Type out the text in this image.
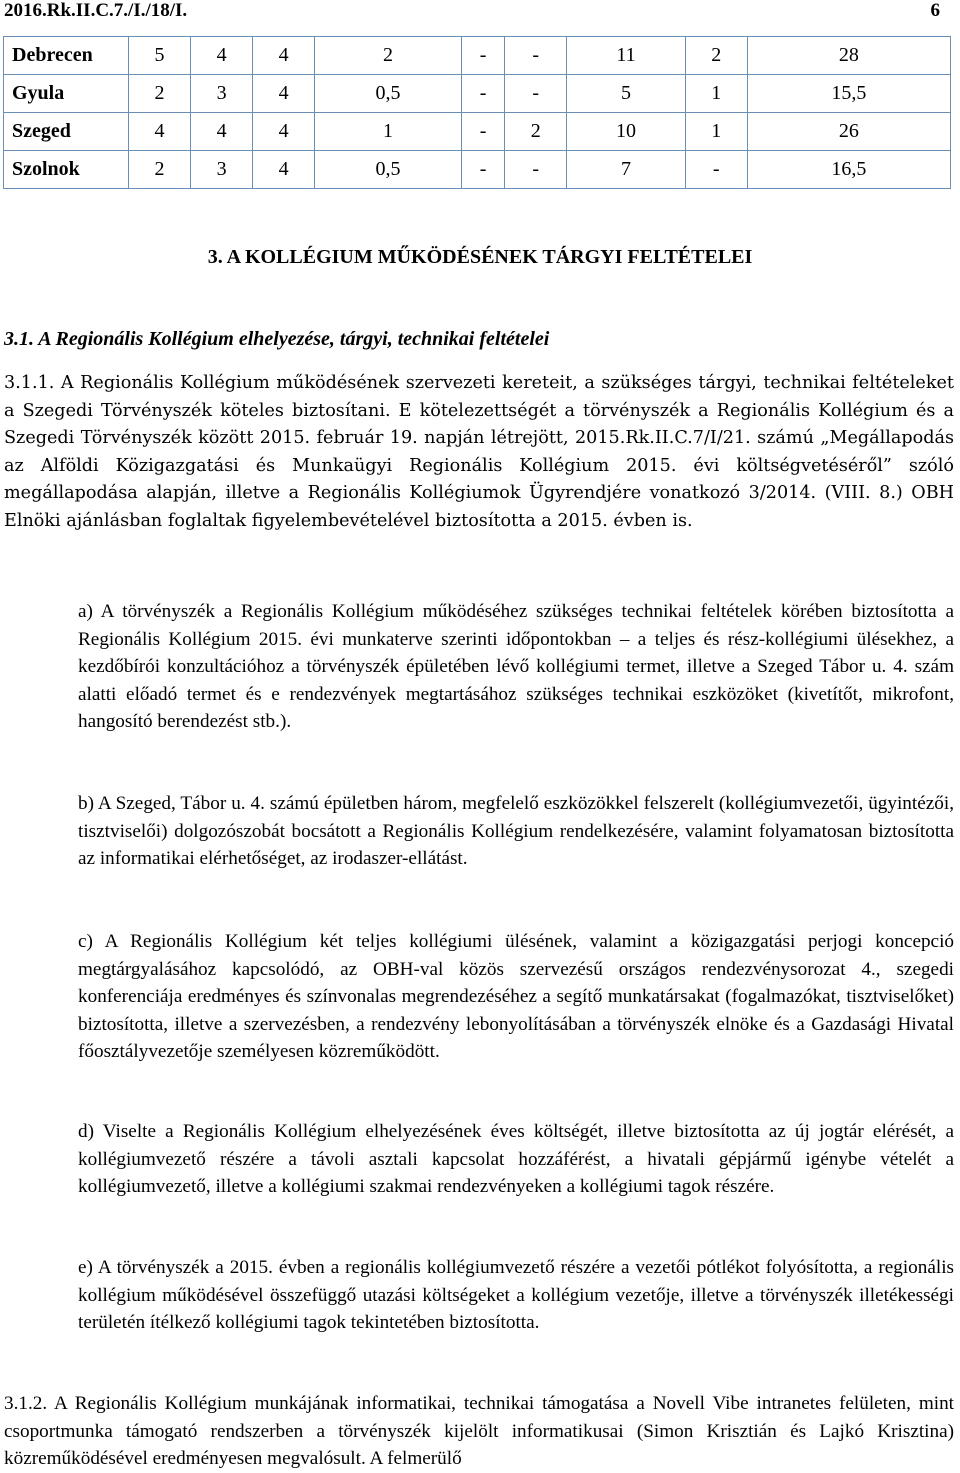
2016.Rk.II.C.7./I./18/I.	6
Debrecen	5	4	4	2	-	-	11	2	28
Gyula	2	3	4	0,5	-	-	5	1	15,5
Szeged	4	4	4	1	-	2	10	1	26
Szolnok	2	3	4	0,5	-	-	7	-	16,5
3. A KOLLÉGIUM MŰKÖDÉSÉNEK TÁRGYI FELTÉTELEI
3.1. A Regionális Kollégium elhelyezése, tárgyi, technikai feltételei

3.1.1. A Regionális Kollégium működésének szervezeti kereteit, a szükséges tárgyi, technikai feltételeket a Szegedi Törvényszék köteles biztosítani. E kötelezettségét a törvényszék a Regionális Kollégium és a Szegedi Törvényszék között 2015. február 19. napján létrejött, 2015.Rk.II.C.7/I/21. számú „Megállapodás az Alföldi Közigazgatási és Munkaügyi Regionális Kollégium 2015. évi költségvetéséről” szóló megállapodása alapján, illetve a Regionális Kollégiumok Ügyrendjére vonatkozó 3/2014. (VIII. 8.) OBH Elnöki ajánlásban foglaltak figyelembevételével biztosította a 2015. évben is.

a) A törvényszék a Regionális Kollégium működéséhez szükséges technikai feltételek körében biztosította a Regionális Kollégium 2015. évi munkaterve szerinti időpontokban – a teljes és rész-kollégiumi ülésekhez, a kezdőbírói konzultációhoz a törvényszék épületében lévő kollégiumi termet, illetve a Szeged Tábor u. 4. szám alatti előadó termet és e rendezvények megtartásához szükséges technikai eszközöket (kivetítőt, mikrofont, hangosító berendezést stb.).

b) A Szeged, Tábor u. 4. számú épületben három, megfelelő eszközökkel felszerelt (kollégiumvezetői, ügyintézői, tisztviselői) dolgozószobát bocsátott a Regionális Kollégium rendelkezésére, valamint folyamatosan biztosította az informatikai elérhetőséget, az irodaszer-ellátást.

c) A Regionális Kollégium két teljes kollégiumi ülésének, valamint a közigazgatási perjogi koncepció megtárgyalásához kapcsolódó, az OBH-val közös szervezésű országos rendezvénysorozat 4., szegedi konferenciája eredményes és színvonalas megrendezéséhez a segítő munkatársakat (fogalmazókat, tisztviselőket) biztosította, illetve a szervezésben, a rendezvény lebonyolításában a törvényszék elnöke és a Gazdasági Hivatal főosztályvezetője személyesen közreműködött.

d) Viselte a Regionális Kollégium elhelyezésének éves költségét, illetve biztosította az új jogtár elérését, a kollégiumvezető részére a távoli asztali kapcsolat hozzáférést, a hivatali gépjármű igénybe vételét a kollégiumvezető, illetve a kollégiumi szakmai rendezvényeken a kollégiumi tagok részére.

e) A törvényszék a 2015. évben a regionális kollégiumvezető részére a vezetői pótlékot folyósította, a regionális kollégium működésével összefüggő utazási költségeket a kollégium vezetője, illetve a törvényszék illetékességi területén ítélkező kollégiumi tagok tekintetében biztosította.

3.1.2. A Regionális Kollégium munkájának informatikai, technikai támogatása a Novell Vibe intranetes felületen, mint csoportmunka támogató rendszerben a törvényszék kijelölt informatikusai (Simon Krisztián és Lajkó Krisztina) közreműködésével eredményesen megvalósult. A felmerülő
